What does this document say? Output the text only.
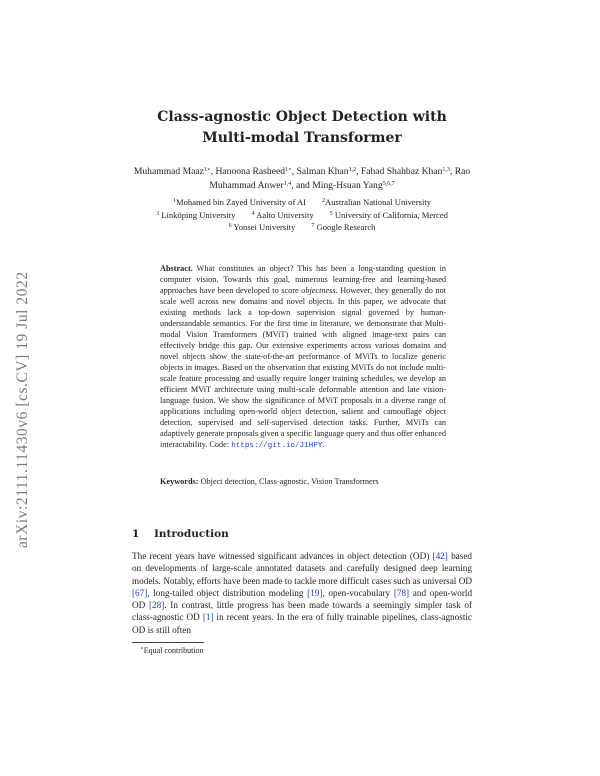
arXiv:2111.11430v6 [cs.CV] 19 Jul 2022
Class-agnostic Object Detection with
Multi-modal Transformer
Muhammad Maaz$^{1⋆}$, Hanoona Rasheed$^{1⋆}$, Salman Khan$^{1,2}$, Fahad Shahbaz Khan$^{1,3}$, Rao Muhammad Anwer$^{1,4}$, and Ming-Hsuan Yang$^{5,6,7}$
$^1$Mohamed bin Zayed University of AI	$^2$Australian National University
$^3$ Linköping University	$^4$ Aalto University	$^5$ University of California, Merced
$^6$ Yonsei University	$^7$ Google Research
Abstract. What constitutes an object? This has been a long-standing question in computer vision. Towards this goal, numerous learning-free and learning-based approaches have been developed to score objectness. However, they generally do not scale well across new domains and novel objects. In this paper, we advocate that existing methods lack a top-down supervision signal governed by human-understandable semantics. For the first time in literature, we demonstrate that Multi-modal Vision Transformers (MViT) trained with aligned image-text pairs can effectively bridge this gap. Our extensive experiments across various domains and novel objects show the state-of-the-art performance of MViTs to localize generic objects in images. Based on the observation that existing MViTs do not include multi-scale feature processing and usually require longer training schedules, we develop an efficient MViT architecture using multi-scale deformable attention and late vision-language fusion. We show the significance of MViT proposals in a diverse range of applications including open-world object detection, salient and camouflage object detection, supervised and self-supervised detection tasks. Further, MViTs can adaptively generate proposals given a specific language query and thus offer enhanced interactability. Code: https://git.io/J1HPY.
Keywords: Object detection, Class-agnostic, Vision Transformers
1 Introduction
The recent years have witnessed significant advances in object detection (OD) [42] based on developments of large-scale annotated datasets and carefully designed deep learning models. Notably, efforts have been made to tackle more difficult cases such as universal OD [67], long-tailed object distribution modeling [19], open-vocabulary [78] and open-world OD [28]. In contrast, little progress has been made towards a seemingly simpler task of class-agnostic OD [1] in recent years. In the era of fully trainable pipelines, class-agnostic OD is still often
⋆Equal contribution
